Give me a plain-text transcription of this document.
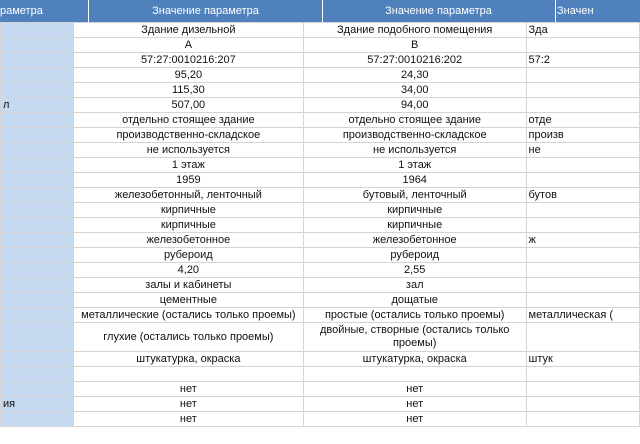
раметра	Значение параметра	Значение параметра	Значен
	Здание дизельной	Здание подобного помещения	Зда
	A	B	
	57:27:0010216:207	57:27:0010216:202	57:2
	95,20	24,30	
	115,30	34,00	
л	507,00	94,00	
	отдельно стоящее здание	отдельно стоящее здание	отде
	производственно-складское	производственно-складское	произв
	не используется	не используется	не
	1 этаж	1 этаж	
	1959	1964	
	железобетонный, ленточный	бутовый, ленточный	бутов
	кирпичные	кирпичные	
	кирпичные	кирпичные	
	железобетонное	железобетонное	ж
	рубероид	рубероид	
	4,20	2,55	
	залы и кабинеты	зал	
	цементные	дощатые	
	металлические (остались только проемы)	простые (остались только проемы)	металлическая (
	глухие (остались только проемы)	двойные, створные (остались только проемы)	
	штукатурка, окраска	штукатурка, окраска	штук

	нет	нет	
ия	нет	нет	
	нет	нет	
